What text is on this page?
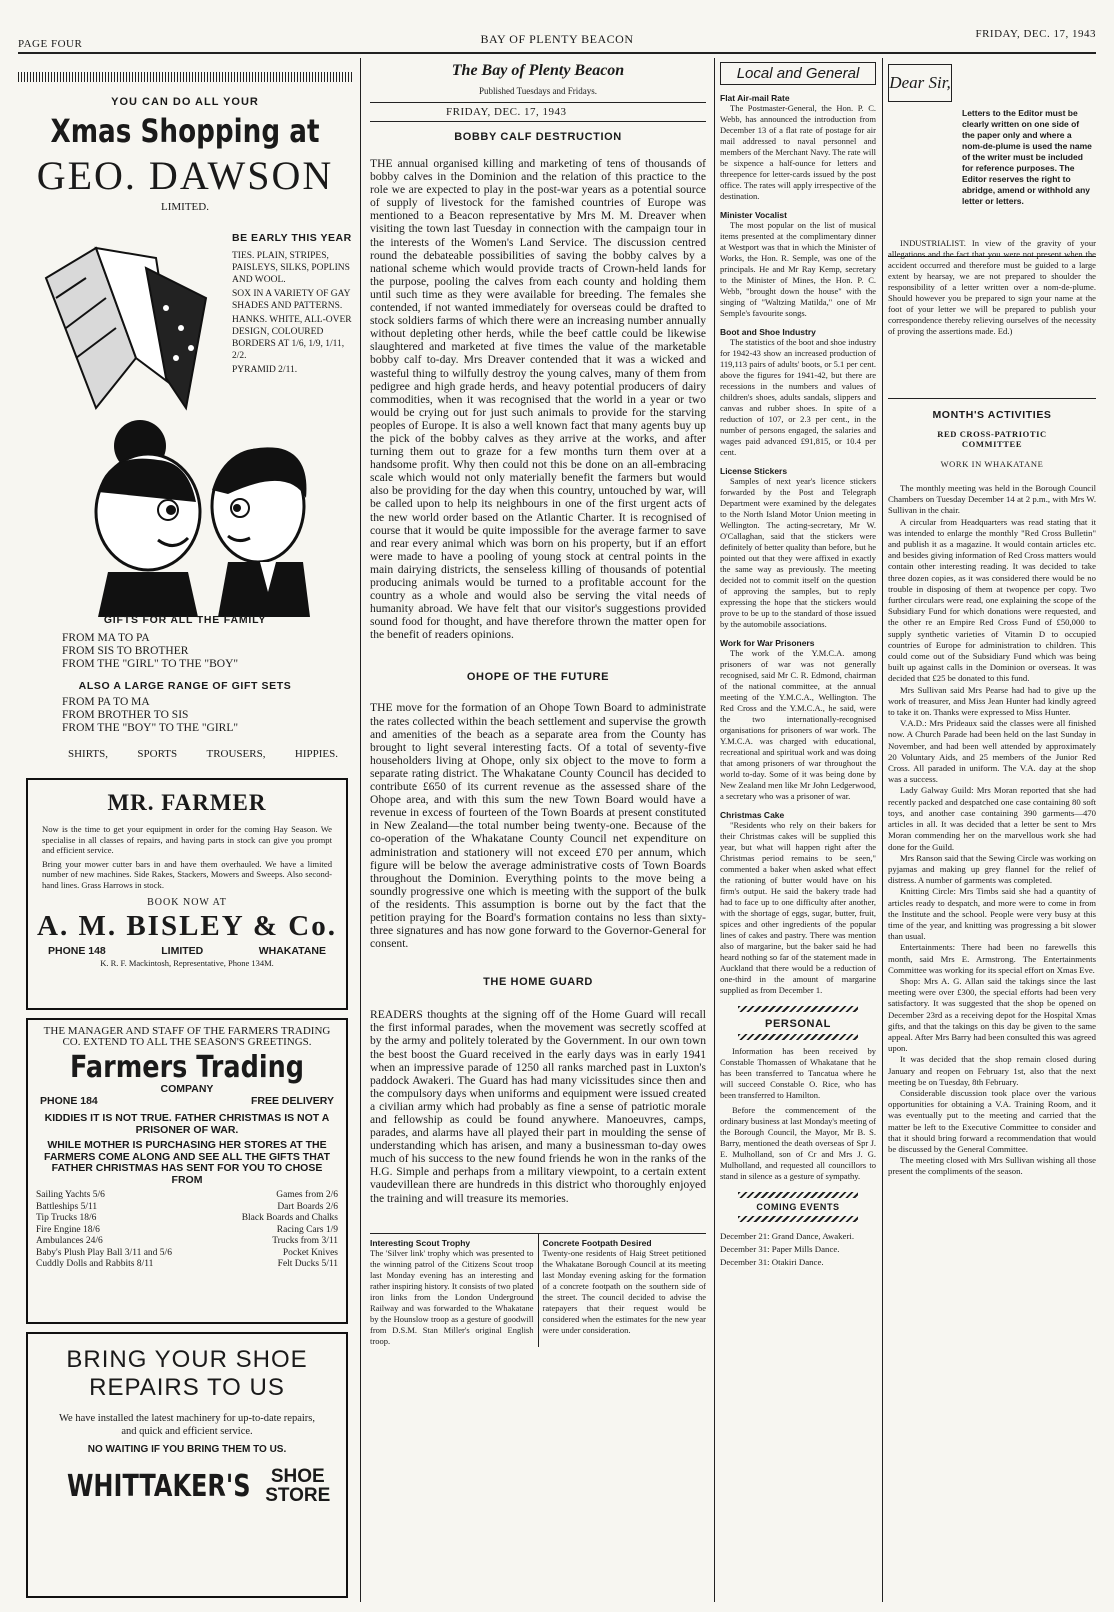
PAGE FOUR	BAY OF PLENTY BEACON	FRIDAY, DEC. 17, 1943
YOU CAN DO ALL YOUR
Xmas Shopping at
GEO. DAWSON
LIMITED.
BE EARLY THIS YEAR
TIES. PLAIN, STRIPES, PAISLEYS, SILKS, POPLINS AND WOOL.
SOX IN A VARIETY OF GAY SHADES AND PATTERNS.
HANKS. WHITE, ALL-OVER DESIGN, COLOURED BORDERS AT 1/6, 1/9, 1/11, 2/2.
PYRAMID 2/11.
GIFTS FOR ALL THE FAMILY
FROM MA TO PA
FROM SIS TO BROTHER
FROM THE "GIRL" TO THE "BOY"
ALSO A LARGE RANGE OF GIFT SETS
FROM PA TO MA
FROM BROTHER TO SIS
FROM THE "BOY" TO THE "GIRL"
SHIRTS,	SPORTS	TROUSERS,	HIPPIES.
MR. FARMER
Now is the time to get your equipment in order for the coming Hay Season. We specialise in all classes of repairs, and having parts in stock can give you prompt and efficient service.
Bring your mower cutter bars in and have them overhauled. We have a limited number of new machines. Side Rakes, Stackers, Mowers and Sweeps. Also second-hand lines. Grass Harrows in stock.
BOOK NOW AT
A. M. BISLEY & Co.
PHONE 148	LIMITED	WHAKATANE
K. R. F. Mackintosh, Representative, Phone 134M.
THE MANAGER AND STAFF OF THE FARMERS TRADING CO. EXTEND TO ALL THE SEASON'S GREETINGS.
Farmers Trading
COMPANY
PHONE 184	FREE DELIVERY
KIDDIES IT IS NOT TRUE. FATHER CHRISTMAS IS NOT A PRISONER OF WAR.
WHILE MOTHER IS PURCHASING HER STORES AT THE FARMERS COME ALONG AND SEE ALL THE GIFTS THAT FATHER CHRISTMAS HAS SENT FOR YOU TO CHOSE FROM
Sailing Yachts 5/6	Games from 2/6
Battleships 5/11	Dart Boards 2/6
Tip Trucks 18/6	Black Boards and Chalks
Fire Engine 18/6	Racing Cars 1/9
Ambulances 24/6	Trucks from 3/11
Baby's Plush Play Ball 3/11 and 5/6	Pocket Knives
Cuddly Dolls and Rabbits 8/11	Felt Ducks 5/11
BRING YOUR SHOE
REPAIRS TO US
We have installed the latest machinery for up-to-date repairs, and quick and efficient service.
NO WAITING IF YOU BRING THEM TO US.
WHITTAKER'S SHOE
STORE
The Bay of Plenty Beacon
Published Tuesdays and Fridays.
FRIDAY, DEC. 17, 1943
BOBBY CALF DESTRUCTION
THE annual organised killing and marketing of tens of thousands of bobby calves in the Dominion and the relation of this practice to the role we are expected to play in the post-war years as a potential source of supply of livestock for the famished countries of Europe was mentioned to a Beacon representative by Mrs M. M. Dreaver when visiting the town last Tuesday in connection with the campaign tour in the interests of the Women's Land Service. The discussion centred round the debateable possibilities of saving the bobby calves by a national scheme which would provide tracts of Crown-held lands for the purpose, pooling the calves from each county and holding them until such time as they were available for breeding. The females she contended, if not wanted immediately for overseas could be drafted to stock soldiers farms of which there were an increasing number annually without depleting other herds, while the beef cattle could be likewise slaughtered and marketed at five times the value of the marketable bobby calf to-day. Mrs Dreaver contended that it was a wicked and wasteful thing to wilfully destroy the young calves, many of them from pedigree and high grade herds, and heavy potential producers of dairy commodities, when it was recognised that the world in a year or two would be crying out for just such animals to provide for the starving peoples of Europe. It is also a well known fact that many agents buy up the pick of the bobby calves as they arrive at the works, and after turning them out to graze for a few months turn them over at a handsome profit. Why then could not this be done on an all-embracing scale which would not only materially benefit the farmers but would also be providing for the day when this country, untouched by war, will be called upon to help its neighbours in one of the first urgent acts of the new world order based on the Atlantic Charter. It is recognised of course that it would be quite impossible for the average farmer to save and rear every animal which was born on his property, but if an effort were made to have a pooling of young stock at central points in the main dairying districts, the senseless killing of thousands of potential producing animals would be turned to a profitable account for the country as a whole and would also be serving the vital needs of humanity abroad. We have felt that our visitor's suggestions provided sound food for thought, and have therefore thrown the matter open for the benefit of readers opinions.
OHOPE OF THE FUTURE
THE move for the formation of an Ohope Town Board to administrate the rates collected within the beach settlement and supervise the growth and amenities of the beach as a separate area from the County has brought to light several interesting facts. Of a total of seventy-five householders living at Ohope, only six object to the move to form a separate rating district. The Whakatane County Council has decided to contribute £650 of its current revenue as the assessed share of the Ohope area, and with this sum the new Town Board would have a revenue in excess of fourteen of the Town Boards at present constituted in New Zealand—the total number being twenty-one. Because of the co-operation of the Whakatane County Council net expenditure on administration and stationery will not exceed £70 per annum, which figure will be below the average administrative costs of Town Boards throughout the Dominion. Everything points to the move being a soundly progressive one which is meeting with the support of the bulk of the residents. This assumption is borne out by the fact that the petition praying for the Board's formation contains no less than sixty-three signatures and has now gone forward to the Governor-General for consent.
THE HOME GUARD
READERS thoughts at the signing off of the Home Guard will recall the first informal parades, when the movement was secretly scoffed at by the army and politely tolerated by the Government. In our own town the best boost the Guard received in the early days was in early 1941 when an impressive parade of 1250 all ranks marched past in Luxton's paddock Awakeri. The Guard has had many vicissitudes since then and the compulsory days when uniforms and equipment were issued created a civilian army which had probably as fine a sense of patriotic morale and fellowship as could be found anywhere. Manoeuvres, camps, parades, and alarms have all played their part in moulding the sense of understanding which has arisen, and many a businessman to-day owes much of his success to the new found friends he won in the ranks of the H.G. Simple and perhaps from a military viewpoint, to a certain extent vaudevillean there are hundreds in this district who thoroughly enjoyed the training and will treasure its memories.
Interesting Scout Trophy
The 'Silver link' trophy which was presented to the winning patrol of the Citizens Scout troop last Monday evening has an interesting and rather inspiring history. It consists of two plated iron links from the London Underground Railway and was forwarded to the Whakatane by the Hounslow troop as a gesture of goodwill from D.S.M. Stan Miller's original English troop.
Concrete Footpath Desired
Twenty-one residents of Haig Street petitioned the Whakatane Borough Council at its meeting last Monday evening asking for the formation of a concrete footpath on the southern side of the street. The council decided to advise the ratepayers that their request would be considered when the estimates for the new year were under consideration.
Local and General
Flat Air-mail Rate
The Postmaster-General, the Hon. P. C. Webb, has announced the introduction from December 13 of a flat rate of postage for air mail addressed to naval personnel and members of the Merchant Navy. The rate will be sixpence a half-ounce for letters and threepence for letter-cards issued by the post office. The rates will apply irrespective of the destination.
Minister Vocalist
The most popular on the list of musical items presented at the complimentary dinner at Westport was that in which the Minister of Works, the Hon. R. Semple, was one of the principals. He and Mr Ray Kemp, secretary to the Minister of Mines, the Hon. P. C. Webb, "brought down the house" with the singing of "Waltzing Matilda," one of Mr Semple's favourite songs.
Boot and Shoe Industry
The statistics of the boot and shoe industry for 1942-43 show an increased production of 119,113 pairs of adults' boots, or 5.1 per cent. above the figures for 1941-42, but there are recessions in the numbers and values of children's shoes, adults sandals, slippers and canvas and rubber shoes. In spite of a reduction of 107, or 2.3 per cent., in the number of persons engaged, the salaries and wages paid advanced £91,815, or 10.4 per cent.
License Stickers
Samples of next year's licence stickers forwarded by the Post and Telegraph Department were examined by the delegates to the North Island Motor Union meeting in Wellington. The acting-secretary, Mr W. O'Callaghan, said that the stickers were definitely of better quality than before, but he pointed out that they were affixed in exactly the same way as previously. The meeting decided not to commit itself on the question of approving the samples, but to reply expressing the hope that the stickers would prove to be up to the standard of those issued by the automobile associations.
Work for War Prisoners
The work of the Y.M.C.A. among prisoners of war was not generally recognised, said Mr C. R. Edmond, chairman of the national committee, at the annual meeting of the Y.M.C.A., Wellington. The Red Cross and the Y.M.C.A., he said, were the two internationally-recognised organisations for prisoners of war work. The Y.M.C.A. was charged with educational, recreational and spiritual work and was doing that among prisoners of war throughout the world to-day. Some of it was being done by New Zealand men like Mr John Ledgerwood, a secretary who was a prisoner of war.
Christmas Cake
"Residents who rely on their bakers for their Christmas cakes will be supplied this year, but what will happen right after the Christmas period remains to be seen," commented a baker when asked what effect the rationing of butter would have on his firm's output. He said the bakery trade had had to face up to one difficulty after another, with the shortage of eggs, sugar, butter, fruit, spices and other ingredients of the popular lines of cakes and pastry. There was mention also of margarine, but the baker said he had heard nothing so far of the statement made in Auckland that there would be a reduction of one-third in the amount of margarine supplied as from December 1.
PERSONAL
Information has been received by Constable Thomassen of Whakatane that he has been transferred to Tancatua where he will succeed Constable O. Rice, who has been transferred to Hamilton.
Before the commencement of the ordinary business at last Monday's meeting of the Borough Council, the Mayor, Mr B. S. Barry, mentioned the death overseas of Spr J. E. Mulholland, son of Cr and Mrs J. G. Mulholland, and requested all councillors to stand in silence as a gesture of sympathy.
COMING EVENTS
December 21: Grand Dance, Awakeri.
December 31: Paper Mills Dance.
December 31: Otakiri Dance.
Dear Sir,
Letters to the Editor must be clearly written on one side of the paper only and where a nom-de-plume is used the name of the writer must be included for reference purposes. The Editor reserves the right to abridge, amend or withhold any letter or letters.
INDUSTRIALIST. In view of the gravity of your allegations and the fact that you were not present when the accident occurred and therefore must be guided to a large extent by hearsay, we are not prepared to shoulder the responsibility of a letter written over a nom-de-plume. Should however you be prepared to sign your name at the foot of your letter we will be prepared to publish your correspondence thereby relieving ourselves of the necessity of proving the assertions made. Ed.)
MONTH'S ACTIVITIES
RED CROSS-PATRIOTIC COMMITTEE
WORK IN WHAKATANE
The monthly meeting was held in the Borough Council Chambers on Tuesday December 14 at 2 p.m., with Mrs W. Sullivan in the chair.
A circular from Headquarters was read stating that it was intended to enlarge the monthly "Red Cross Bulletin" and publish it as a magazine. It would contain articles etc. and besides giving information of Red Cross matters would contain other interesting reading. It was decided to take three dozen copies, as it was considered there would be no trouble in disposing of them at twopence per copy. Two further circulars were read, one explaining the scope of the Subsidiary Fund for which donations were requested, and the other re an Empire Red Cross Fund of £50,000 to supply synthetic varieties of Vitamin D to occupied countries of Europe for administration to children. This could come out of the Subsidiary Fund which was being built up against calls in the Dominion or overseas. It was decided that £25 be donated to this fund.
Mrs Sullivan said Mrs Pearse had had to give up the work of treasurer, and Miss Jean Hunter had kindly agreed to take it on. Thanks were expressed to Miss Hunter.
V.A.D.: Mrs Prideaux said the classes were all finished now. A Church Parade had been held on the last Sunday in November, and had been well attended by approximately 20 Voluntary Aids, and 25 members of the Junior Red Cross. All paraded in uniform. The V.A. day at the shop was a success.
Lady Galway Guild: Mrs Moran reported that she had recently packed and despatched one case containing 80 soft toys, and another case containing 390 garments—470 articles in all. It was decided that a letter be sent to Mrs Moran commending her on the marvellous work she had done for the Guild.
Mrs Ranson said that the Sewing Circle was working on pyjamas and making up grey flannel for the relief of distress. A number of garments was completed.
Knitting Circle: Mrs Timbs said she had a quantity of articles ready to despatch, and more were to come in from the Institute and the school. People were very busy at this time of the year, and knitting was progressing a bit slower than usual.
Entertainments: There had been no farewells this month, said Mrs E. Armstrong. The Entertainments Committee was working for its special effort on Xmas Eve.
Shop: Mrs A. G. Allan said the takings since the last meeting were over £300, the special efforts had been very satisfactory. It was suggested that the shop be opened on December 23rd as a receiving depot for the Hospital Xmas gifts, and that the takings on this day be given to the same appeal. After Mrs Barry had been consulted this was agreed upon.
It was decided that the shop remain closed during January and reopen on February 1st, also that the next meeting be on Tuesday, 8th February.
Considerable discussion took place over the various opportunities for obtaining a V.A. Training Room, and it was eventually put to the meeting and carried that the matter be left to the Executive Committee to consider and that it should bring forward a recommendation that would be discussed by the General Committee.
The meeting closed with Mrs Sullivan wishing all those present the compliments of the season.
